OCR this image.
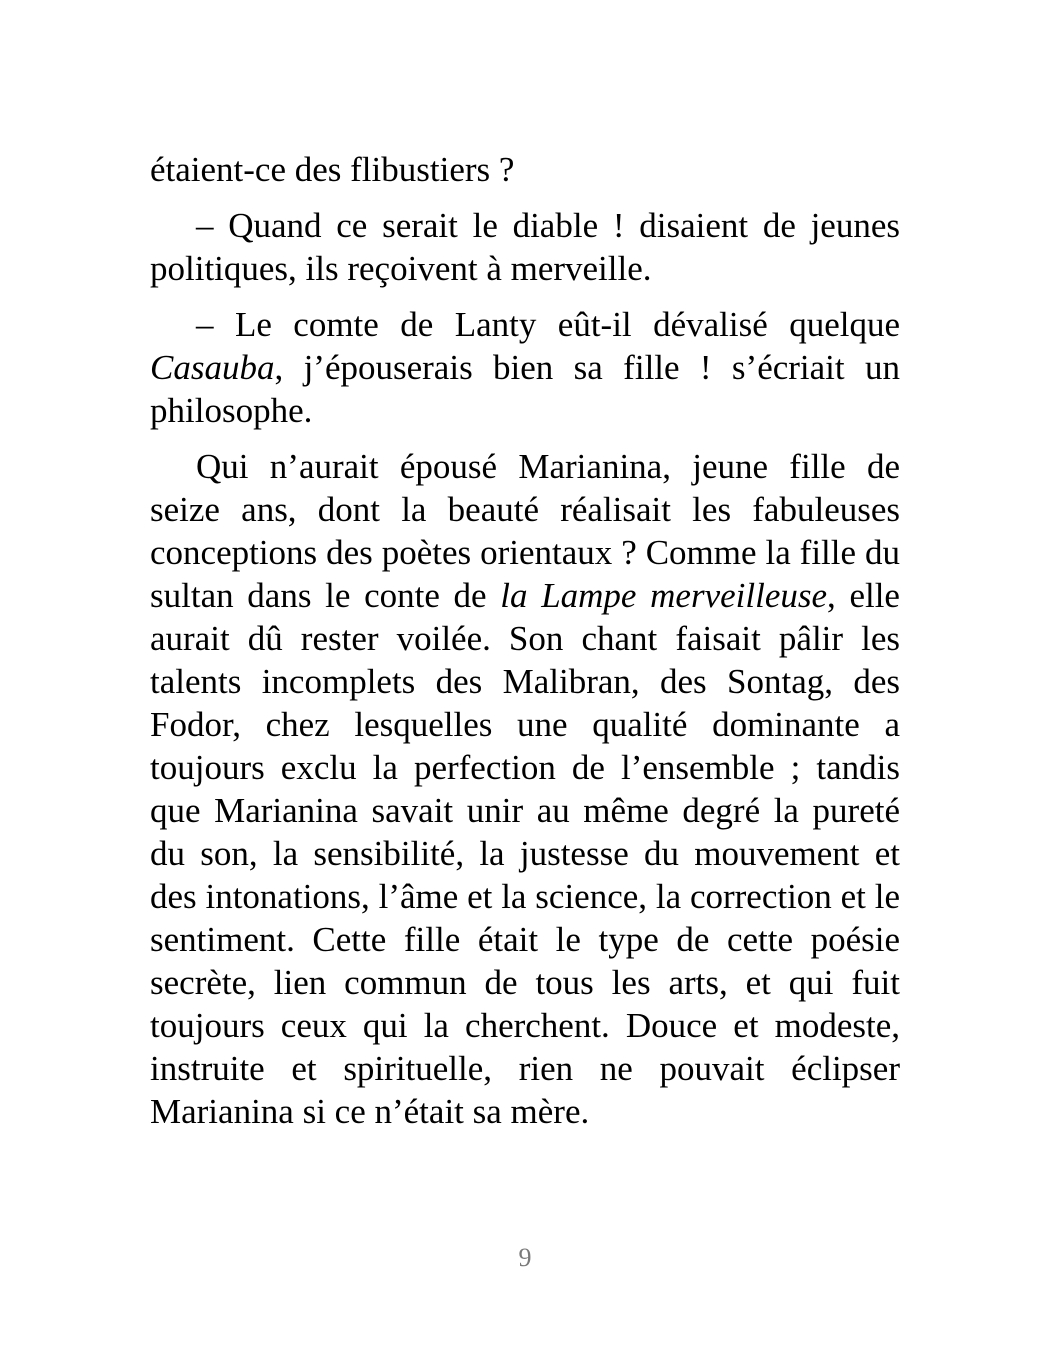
étaient-ce des flibustiers ?

– Quand ce serait le diable ! disaient de jeunes politiques, ils reçoivent à merveille.

– Le comte de Lanty eût-il dévalisé quelque Casauba, j’épouserais bien sa fille ! s’écriait un philosophe.

Qui n’aurait épousé Marianina, jeune fille de seize ans, dont la beauté réalisait les fabuleuses conceptions des poètes orientaux ? Comme la fille du sultan dans le conte de la Lampe merveilleuse, elle aurait dû rester voilée. Son chant faisait pâlir les talents incomplets des Malibran, des Sontag, des Fodor, chez lesquelles une qualité dominante a toujours exclu la perfection de l’ensemble ; tandis que Marianina savait unir au même degré la pureté du son, la sensibilité, la justesse du mouvement et des intonations, l’âme et la science, la correction et le sentiment. Cette fille était le type de cette poésie secrète, lien commun de tous les arts, et qui fuit toujours ceux qui la cherchent. Douce et modeste, instruite et spirituelle, rien ne pouvait éclipser Marianina si ce n’était sa mère.

9
